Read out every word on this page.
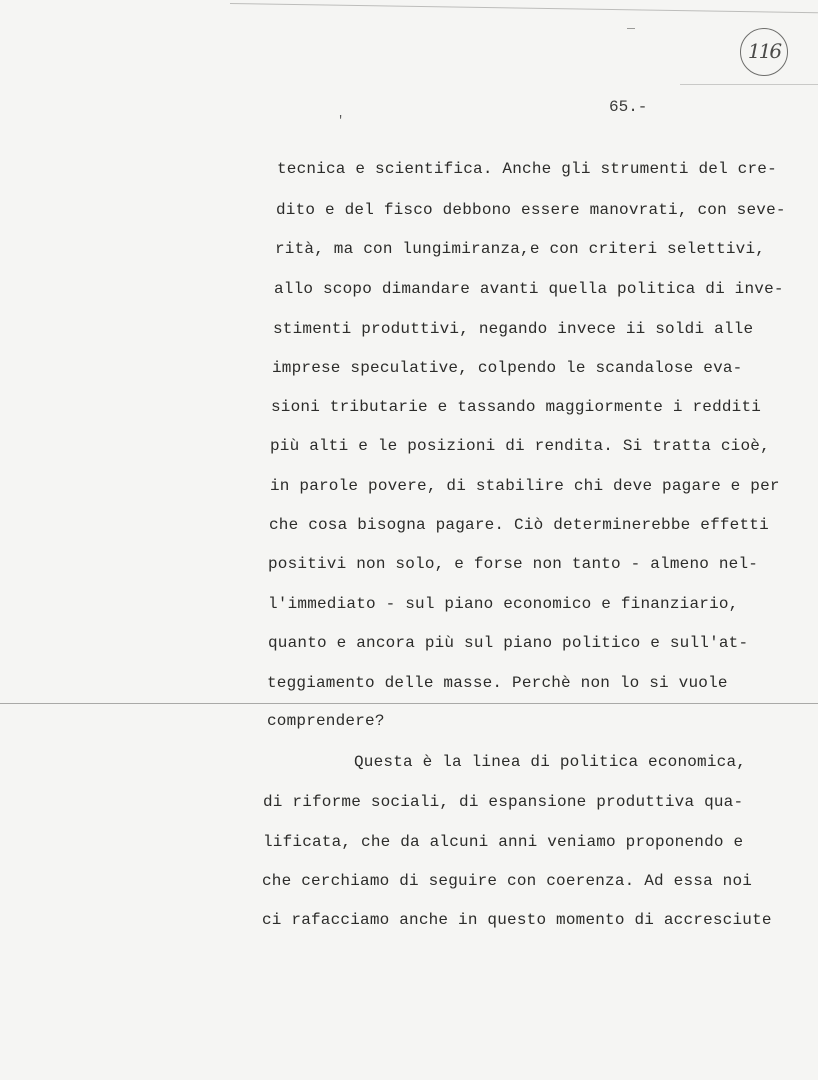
116
65.-
'
tecnica e scientifica. Anche gli strumenti del cre-
dito e del fisco debbono essere manovrati, con seve-
rità, ma con lungimiranza,e con criteri selettivi,
allo scopo dimandare avanti quella politica di inve-
stimenti produttivi, negando invece ii soldi alle
imprese speculative, colpendo le scandalose eva-
sioni tributarie e tassando maggiormente i redditi
più alti e le posizioni di rendita. Si tratta cioè,
in parole povere, di stabilire chi deve pagare e per
che cosa bisogna pagare. Ciò determinerebbe effetti
positivi non solo, e forse non tanto - almeno nel-
l'immediato - sul piano economico e finanziario,
quanto e ancora più sul piano politico e sull'at-
teggiamento delle masse. Perchè non lo si vuole
comprendere?
Questa è la linea di politica economica,
di riforme sociali, di espansione produttiva qua-
lificata, che da alcuni anni veniamo proponendo e
che cerchiamo di seguire con coerenza. Ad essa noi
ci rafacciamo anche in questo momento di accresciute
